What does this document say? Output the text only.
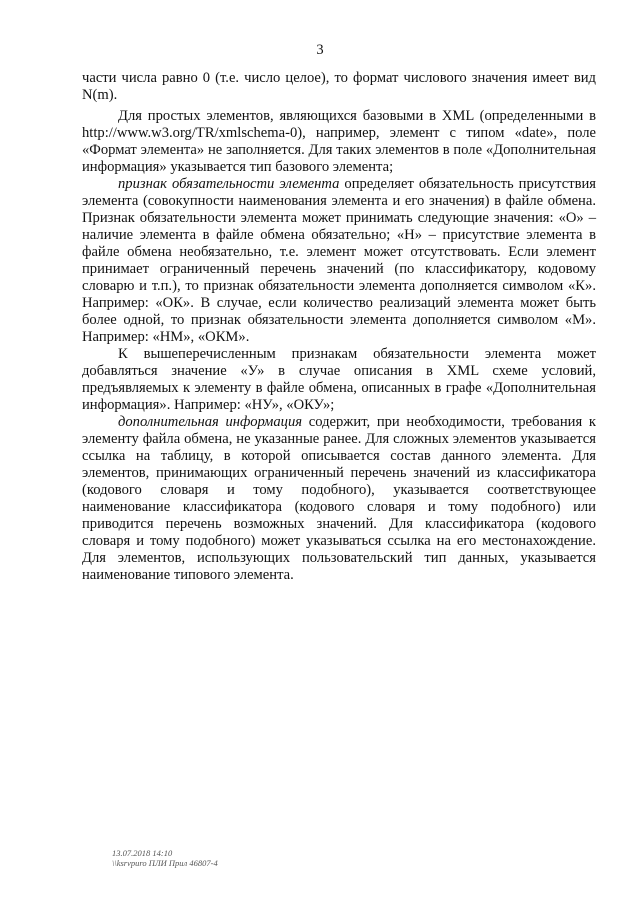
3

части числа равно 0 (т.е. число целое), то формат числового значения имеет вид N(m).

Для простых элементов, являющихся базовыми в XML (определенными в http://www.w3.org/TR/xmlschema-0), например, элемент с типом «date», поле «Формат элемента» не заполняется. Для таких элементов в поле «Дополнительная информация» указывается тип базового элемента;

признак обязательности элемента определяет обязательность присутствия элемента (совокупности наименования элемента и его значения) в файле обмена. Признак обязательности элемента может принимать следующие значения: «О» – наличие элемента в файле обмена обязательно; «Н» – присутствие элемента в файле обмена необязательно, т.е. элемент может отсутствовать. Если элемент принимает ограниченный перечень значений (по классификатору, кодовому словарю и т.п.), то признак обязательности элемента дополняется символом «К». Например: «ОК». В случае, если количество реализаций элемента может быть более одной, то признак обязательности элемента дополняется символом «М». Например: «НМ», «ОКМ».

К вышеперечисленным признакам обязательности элемента может добавляться значение «У» в случае описания в XML схеме условий, предъявляемых к элементу в файле обмена, описанных в графе «Дополнительная информация». Например: «НУ», «ОКУ»;

дополнительная информация содержит, при необходимости, требования к элементу файла обмена, не указанные ранее. Для сложных элементов указывается ссылка на таблицу, в которой описывается состав данного элемента. Для элементов, принимающих ограниченный перечень значений из классификатора (кодового словаря и тому подобного), указывается соответствующее наименование классификатора (кодового словаря и тому подобного) или приводится перечень возможных значений. Для классификатора (кодового словаря и тому подобного) может указываться ссылка на его местонахождение. Для элементов, использующих пользовательский тип данных, указывается наименование типового элемента.

13.07.2018 14:10
\\ksrvpuro ПЛИ Прил 46807-4
